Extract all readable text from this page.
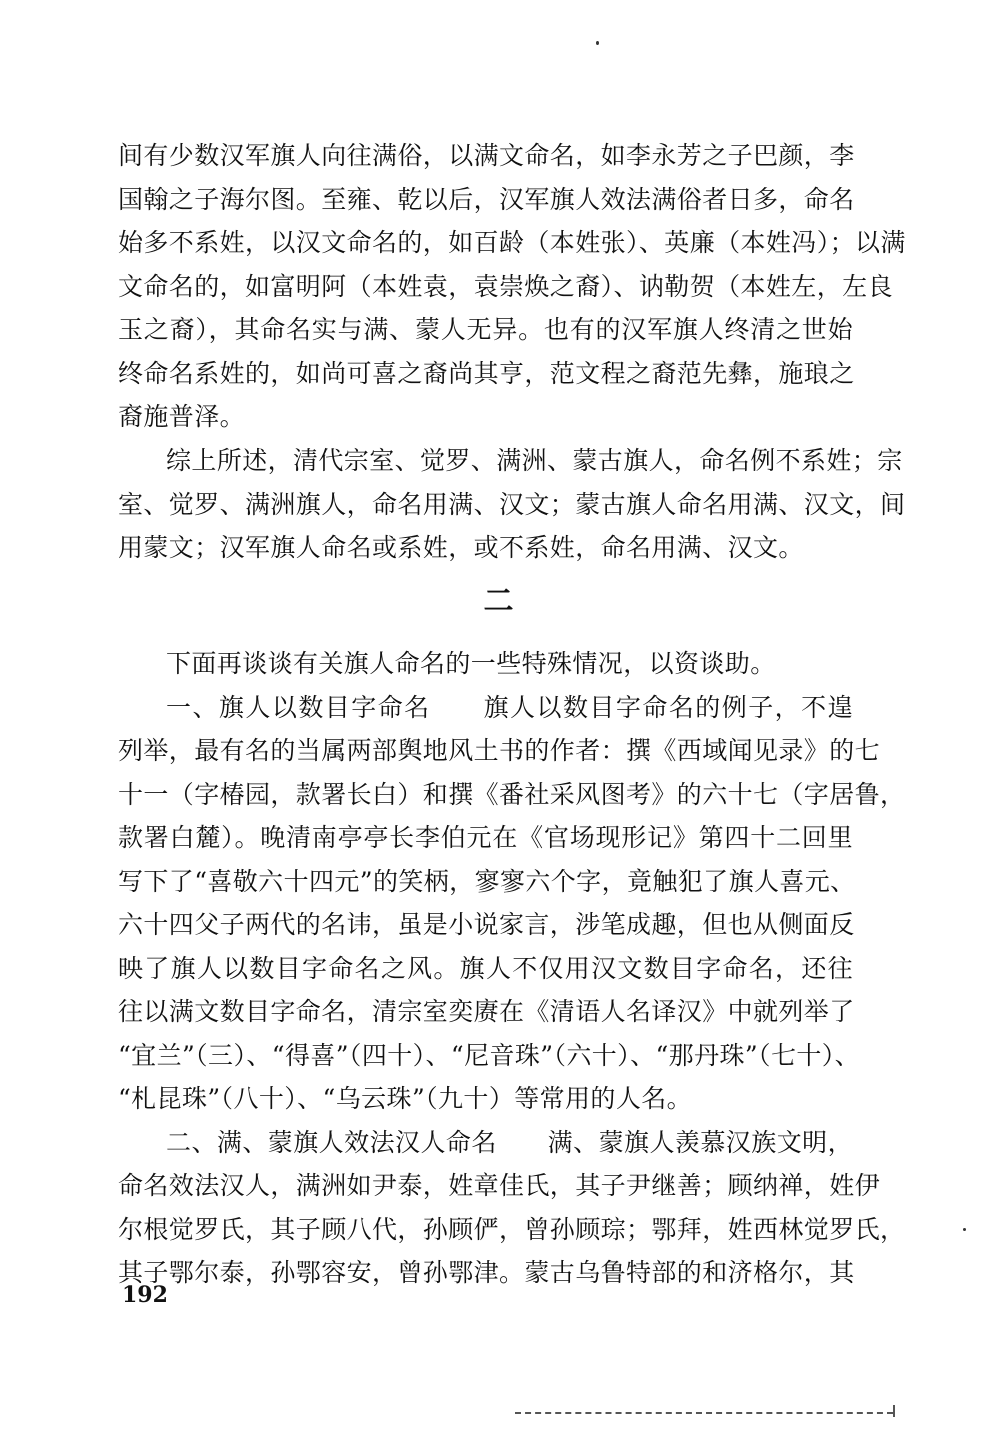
间有少数汉军旗人向往满俗，以满文命名，如李永芳之子巴颜，李
国翰之子海尔图。至雍、乾以后，汉军旗人效法满俗者日多，命名
始多不系姓，以汉文命名的，如百龄（本姓张）、英廉（本姓冯）；以满
文命名的，如富明阿（本姓袁，袁崇焕之裔）、讷勒贺（本姓左，左良
玉之裔），其命名实与满、蒙人无异。也有的汉军旗人终清之世始
终命名系姓的，如尚可喜之裔尚其亨，范文程之裔范先彝，施琅之
裔施普泽。
综上所述，清代宗室、觉罗、满洲、蒙古旗人，命名例不系姓；宗
室、觉罗、满洲旗人，命名用满、汉文；蒙古旗人命名用满、汉文，间
用蒙文；汉军旗人命名或系姓，或不系姓，命名用满、汉文。
二
下面再谈谈有关旗人命名的一些特殊情况，以资谈助。
一、旗人以数目字命名　　旗人以数目字命名的例子，不遑
列举，最有名的当属两部舆地风土书的作者：撰《西域闻见录》的七
十一（字椿园，款署长白）和撰《番社采风图考》的六十七（字居鲁，
款署白麓）。晚清南亭亭长李伯元在《官场现形记》第四十二回里
写下了“喜敬六十四元”的笑柄，寥寥六个字，竟触犯了旗人喜元、
六十四父子两代的名讳，虽是小说家言，涉笔成趣，但也从侧面反
映了旗人以数目字命名之风。旗人不仅用汉文数目字命名，还往
往以满文数目字命名，清宗室奕赓在《清语人名译汉》中就列举了
“宜兰”（三）、“得喜”（四十）、“尼音珠”（六十）、“那丹珠”（七十）、
“札昆珠”（八十）、“乌云珠”（九十）等常用的人名。
二、满、蒙旗人效法汉人命名　　满、蒙旗人羡慕汉族文明，
命名效法汉人，满洲如尹泰，姓章佳氏，其子尹继善；顾纳禅，姓伊
尔根觉罗氏，其子顾八代，孙顾俨，曾孙顾琮；鄂拜，姓西林觉罗氏，
其子鄂尔泰，孙鄂容安，曾孙鄂津。蒙古乌鲁特部的和济格尔，其
192
